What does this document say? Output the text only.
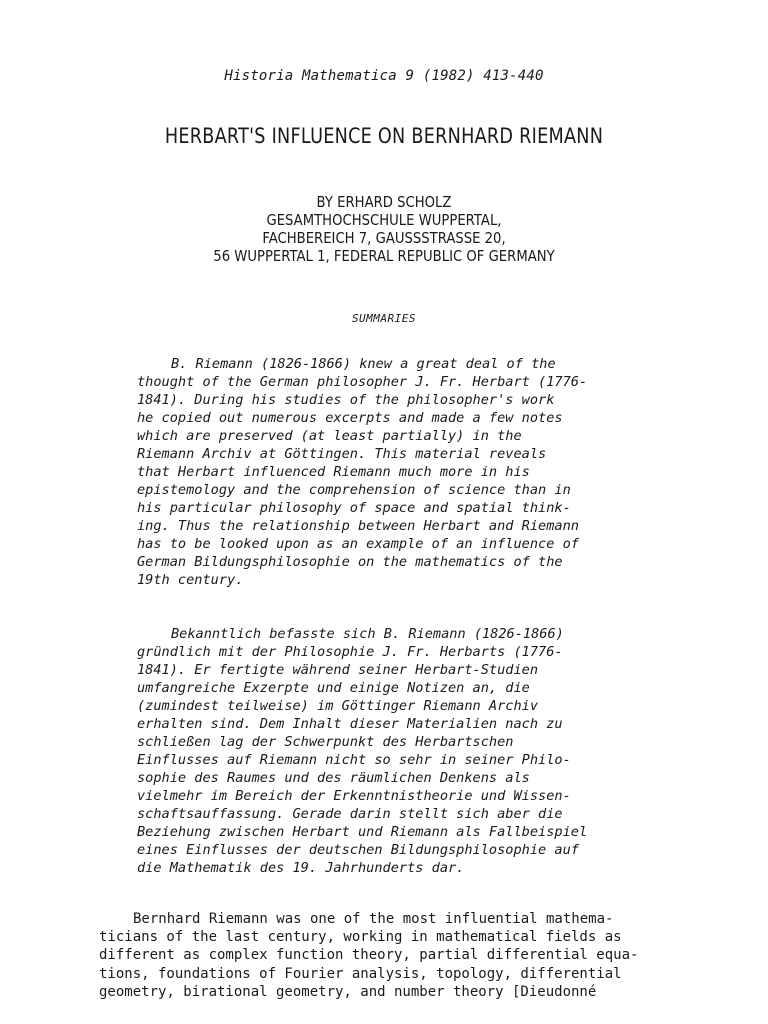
Historia Mathematica 9 (1982) 413-440
HERBART'S INFLUENCE ON BERNHARD RIEMANN
BY ERHARD SCHOLZ
GESAMTHOCHSCHULE WUPPERTAL,
FACHBEREICH 7, GAUSSSTRASSE 20,
56 WUPPERTAL 1, FEDERAL REPUBLIC OF GERMANY
SUMMARIES
B. Riemann (1826-1866) knew a great deal of the
thought of the German philosopher J. Fr. Herbart (1776-
1841). During his studies of the philosopher's work
he copied out numerous excerpts and made a few notes
which are preserved (at least partially) in the
Riemann Archiv at Göttingen. This material reveals
that Herbart influenced Riemann much more in his
epistemology and the comprehension of science than in
his particular philosophy of space and spatial think-
ing. Thus the relationship between Herbart and Riemann
has to be looked upon as an example of an influence of
German Bildungsphilosophie on the mathematics of the
19th century.
Bekanntlich befasste sich B. Riemann (1826-1866)
gründlich mit der Philosophie J. Fr. Herbarts (1776-
1841). Er fertigte während seiner Herbart-Studien
umfangreiche Exzerpte und einige Notizen an, die
(zumindest teilweise) im Göttinger Riemann Archiv
erhalten sind. Dem Inhalt dieser Materialien nach zu
schließen lag der Schwerpunkt des Herbartschen
Einflusses auf Riemann nicht so sehr in seiner Philo-
sophie des Raumes und des räumlichen Denkens als
vielmehr im Bereich der Erkenntnistheorie und Wissen-
schaftsauffassung. Gerade darin stellt sich aber die
Beziehung zwischen Herbart und Riemann als Fallbeispiel
eines Einflusses der deutschen Bildungsphilosophie auf
die Mathematik des 19. Jahrhunderts dar.
Bernhard Riemann was one of the most influential mathema-
ticians of the last century, working in mathematical fields as
different as complex function theory, partial differential equa-
tions, foundations of Fourier analysis, topology, differential
geometry, birational geometry, and number theory [Dieudonné
